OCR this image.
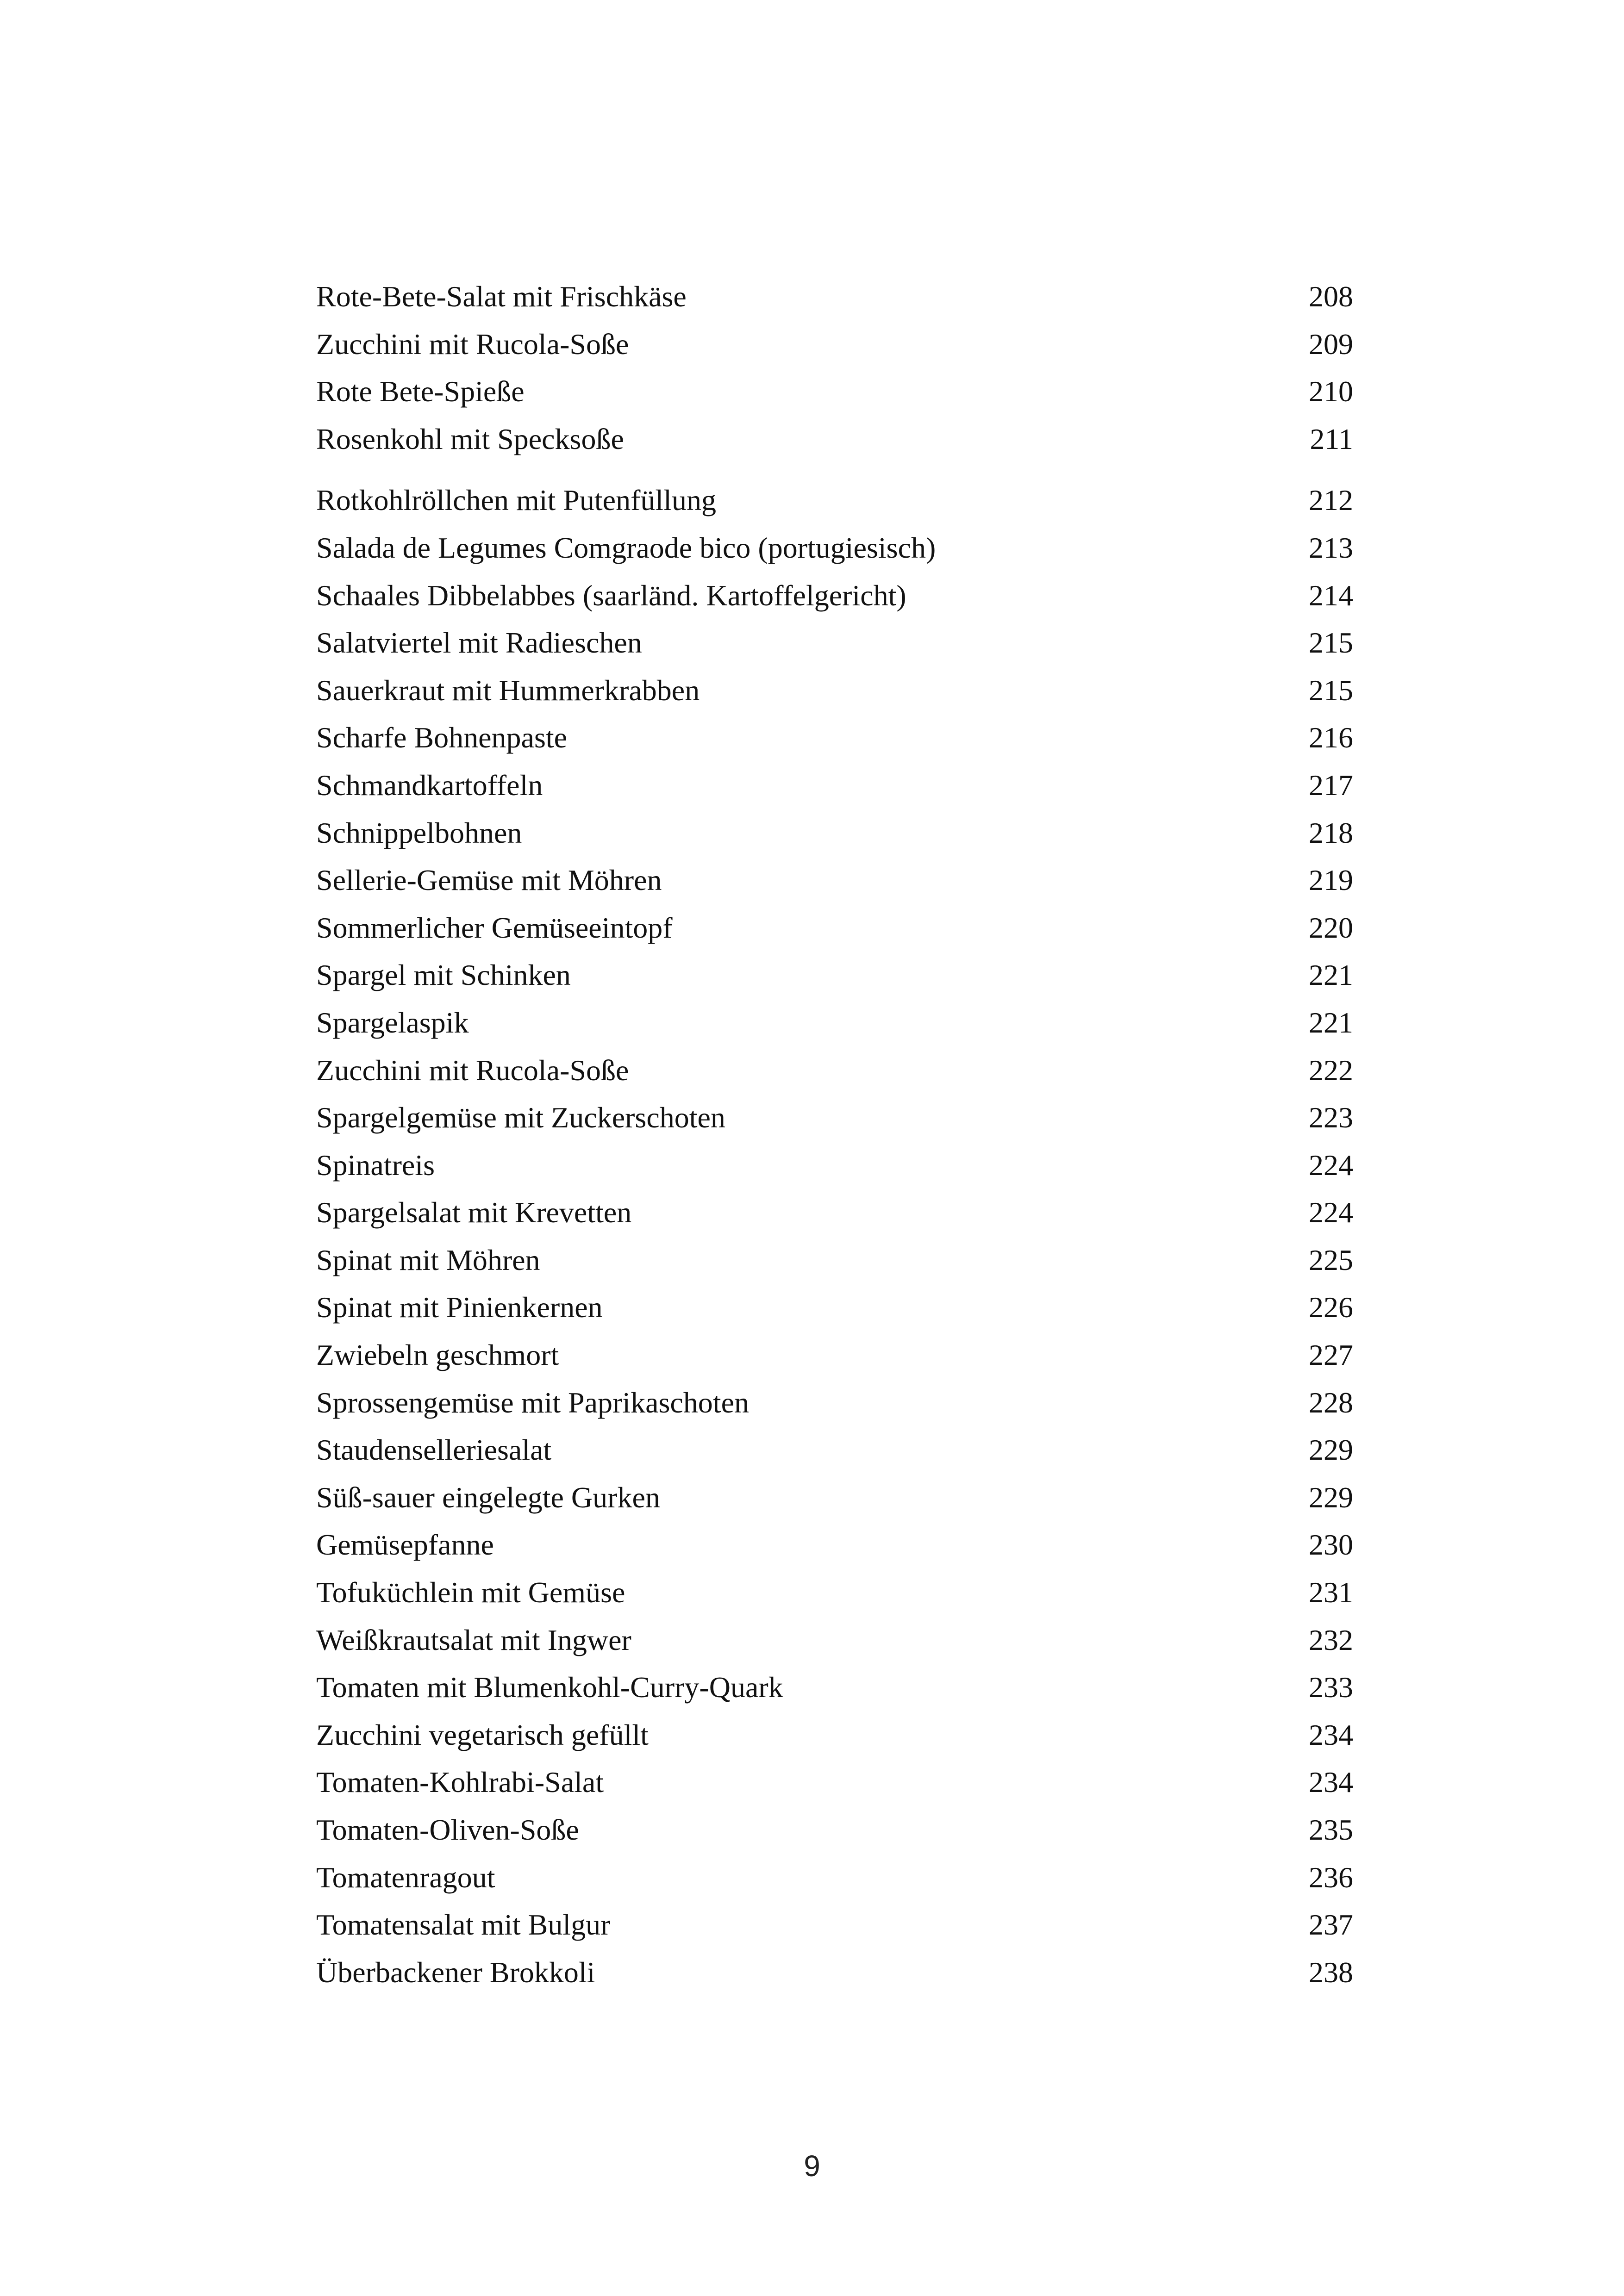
Rote-Bete-Salat mit Frischkäse	208
Zucchini mit Rucola-Soße	209
Rote Bete-Spieße	210
Rosenkohl mit Specksoße	211
Rotkohlröllchen mit Putenfüllung	212
Salada de Legumes Comgraode bico (portugiesisch)	213
Schaales Dibbelabbes (saarländ. Kartoffelgericht)	214
Salatviertel mit Radieschen	215
Sauerkraut mit Hummerkrabben	215
Scharfe Bohnenpaste	216
Schmandkartoffeln	217
Schnippelbohnen	218
Sellerie-Gemüse mit Möhren	219
Sommerlicher Gemüseeintopf	220
Spargel mit Schinken	221
Spargelaspik	221
Zucchini mit Rucola-Soße	222
Spargelgemüse mit Zuckerschoten	223
Spinatreis	224
Spargelsalat mit Krevetten	224
Spinat mit Möhren	225
Spinat mit Pinienkernen	226
Zwiebeln geschmort	227
Sprossengemüse mit Paprikaschoten	228
Staudenselleriesalat	229
Süß-sauer eingelegte Gurken	229
Gemüsepfanne	230
Tofuküchlein mit Gemüse	231
Weißkrautsalat mit Ingwer	232
Tomaten mit Blumenkohl-Curry-Quark	233
Zucchini vegetarisch gefüllt	234
Tomaten-Kohlrabi-Salat	234
Tomaten-Oliven-Soße	235
Tomatenragout	236
Tomatensalat mit Bulgur	237
Überbackener Brokkoli	238
9
